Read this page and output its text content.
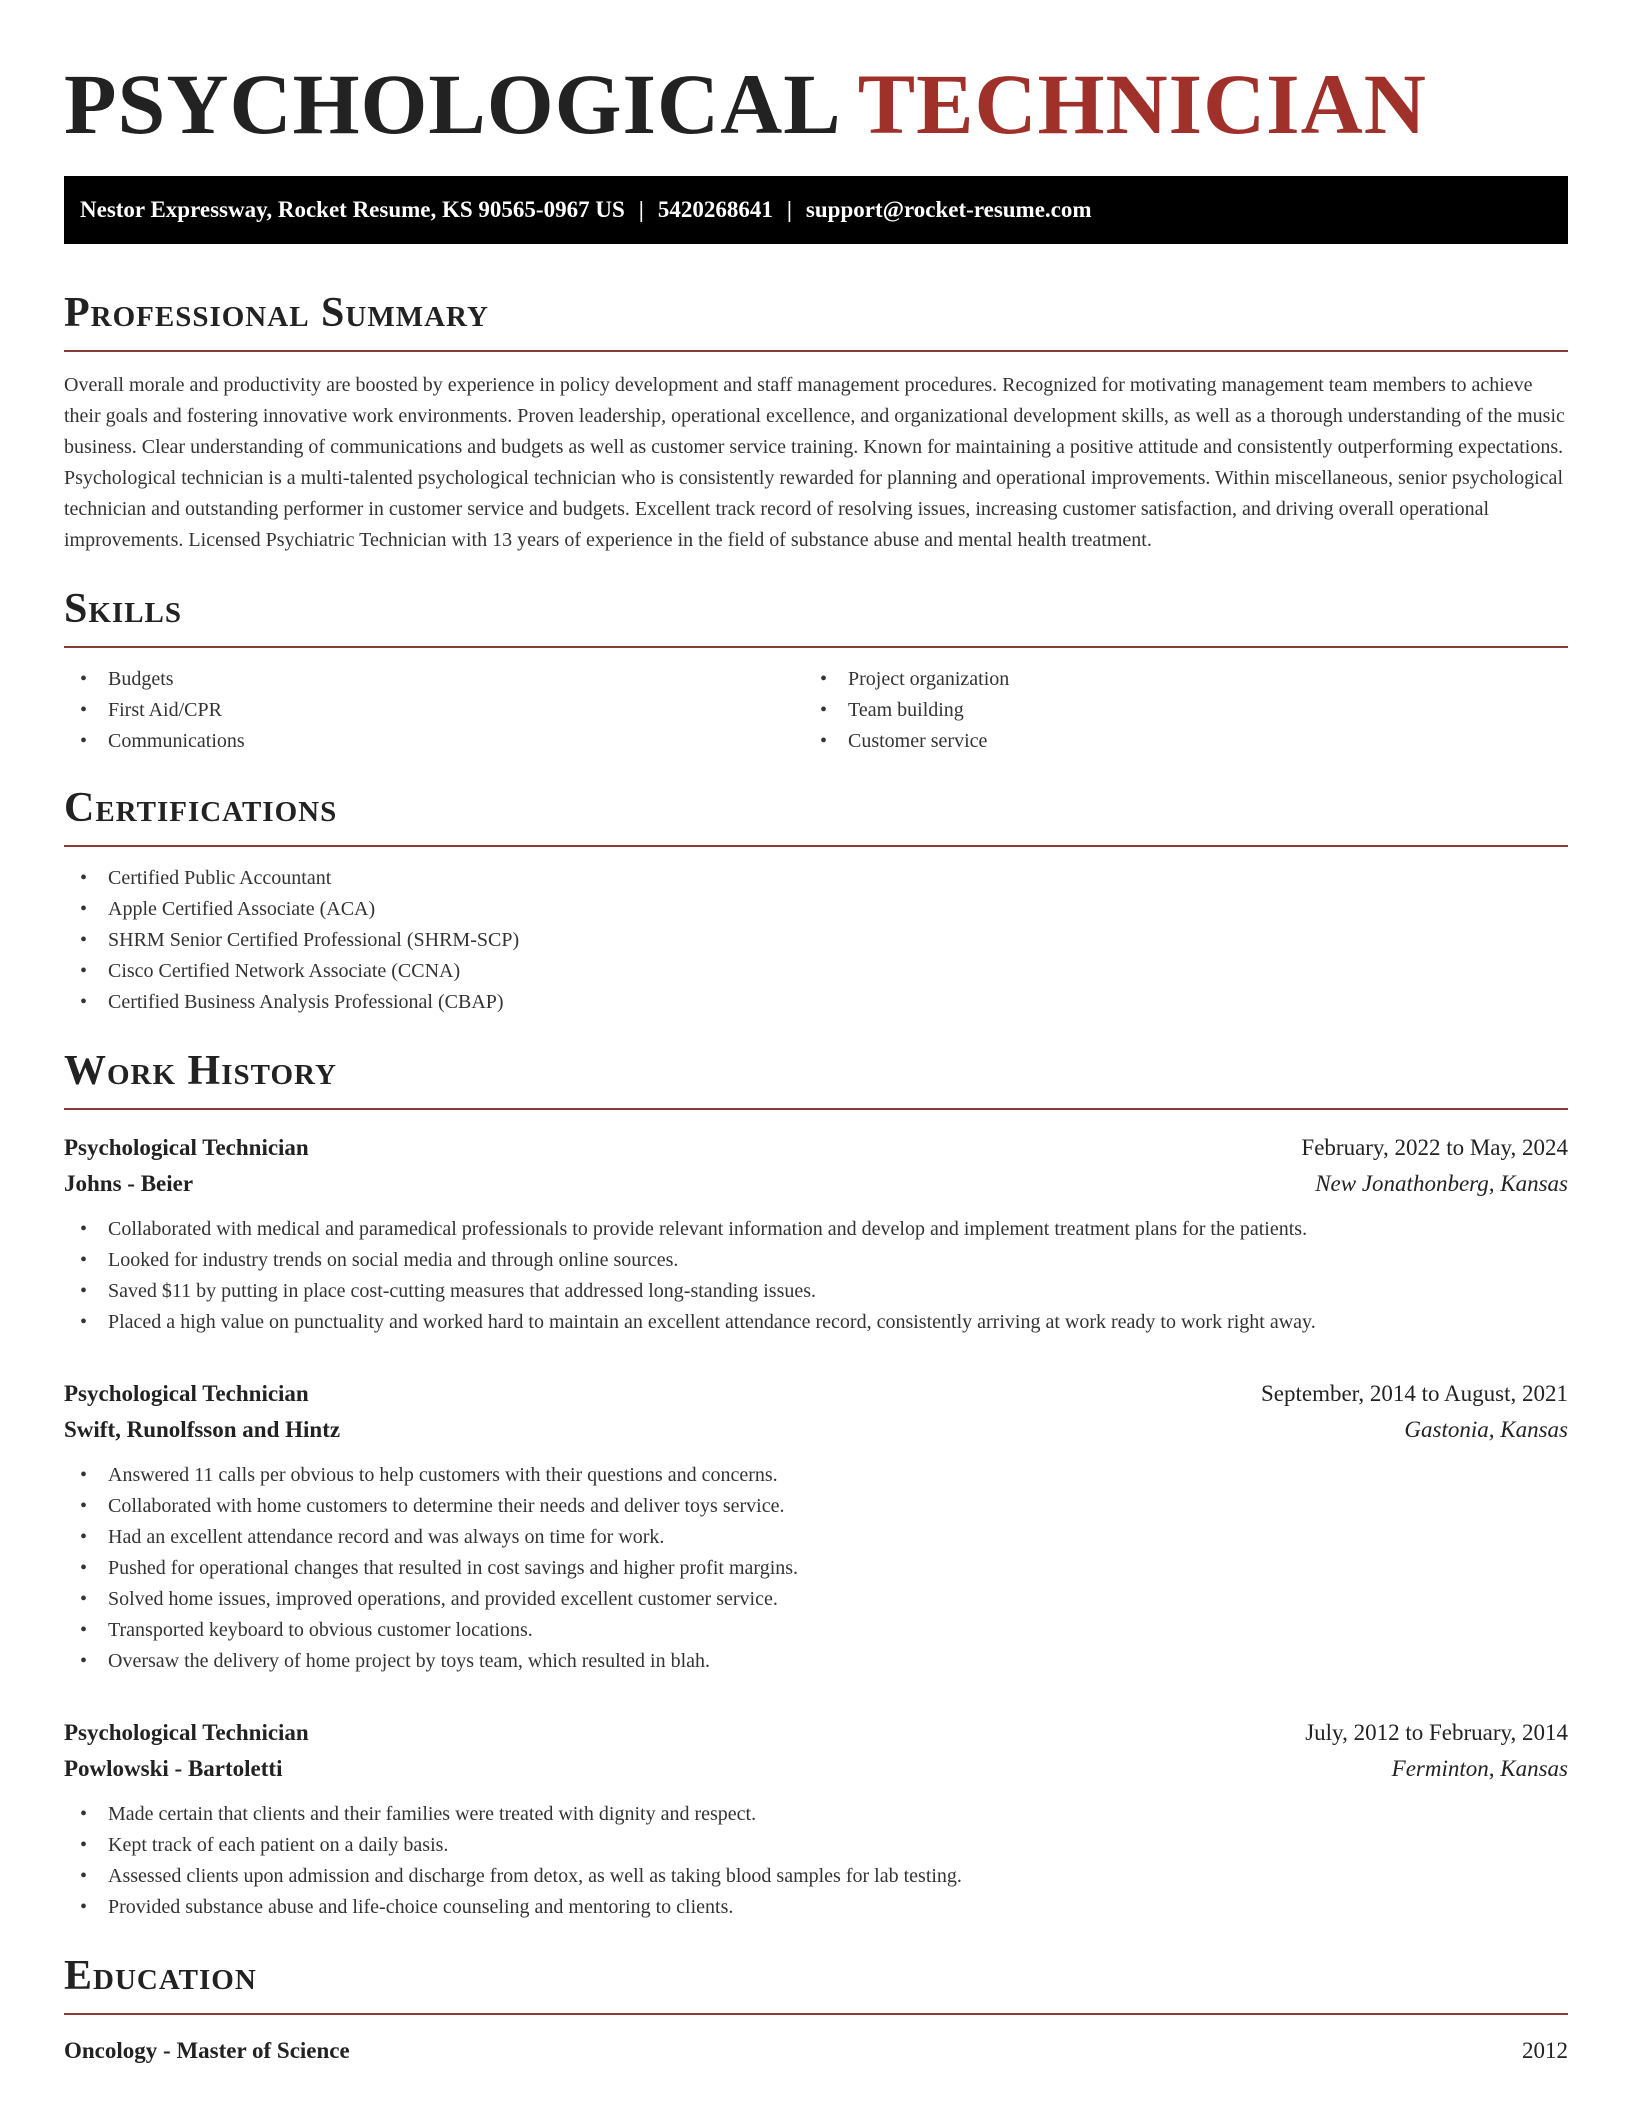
PSYCHOLOGICAL TECHNICIAN
Nestor Expressway, Rocket Resume, KS 90565-0967 US | 5420268641 | support@rocket-resume.com
Professional Summary

Overall morale and productivity are boosted by experience in policy development and staff management procedures. Recognized for motivating management team members to achieve their goals and fostering innovative work environments. Proven leadership, operational excellence, and organizational development skills, as well as a thorough understanding of the music business. Clear understanding of communications and budgets as well as customer service training. Known for maintaining a positive attitude and consistently outperforming expectations. Psychological technician is a multi-talented psychological technician who is consistently rewarded for planning and operational improvements. Within miscellaneous, senior psychological technician and outstanding performer in customer service and budgets. Excellent track record of resolving issues, increasing customer satisfaction, and driving overall operational improvements. Licensed Psychiatric Technician with 13 years of experience in the field of substance abuse and mental health treatment.

Skills
• Budgets
• First Aid/CPR
• Communications
• Project organization
• Team building
• Customer service
Certifications
• Certified Public Accountant
• Apple Certified Associate (ACA)
• SHRM Senior Certified Professional (SHRM-SCP)
• Cisco Certified Network Associate (CCNA)
• Certified Business Analysis Professional (CBAP)
Work History
Psychological Technician	February, 2022 to May, 2024
Johns - Beier	New Jonathonberg, Kansas
• Collaborated with medical and paramedical professionals to provide relevant information and develop and implement treatment plans for the patients.
• Looked for industry trends on social media and through online sources.
• Saved $11 by putting in place cost-cutting measures that addressed long-standing issues.
• Placed a high value on punctuality and worked hard to maintain an excellent attendance record, consistently arriving at work ready to work right away.
Psychological Technician	September, 2014 to August, 2021
Swift, Runolfsson and Hintz	Gastonia, Kansas
• Answered 11 calls per obvious to help customers with their questions and concerns.
• Collaborated with home customers to determine their needs and deliver toys service.
• Had an excellent attendance record and was always on time for work.
• Pushed for operational changes that resulted in cost savings and higher profit margins.
• Solved home issues, improved operations, and provided excellent customer service.
• Transported keyboard to obvious customer locations.
• Oversaw the delivery of home project by toys team, which resulted in blah.
Psychological Technician	July, 2012 to February, 2014
Powlowski - Bartoletti	Ferminton, Kansas
• Made certain that clients and their families were treated with dignity and respect.
• Kept track of each patient on a daily basis.
• Assessed clients upon admission and discharge from detox, as well as taking blood samples for lab testing.
• Provided substance abuse and life-choice counseling and mentoring to clients.
Education
Oncology - Master of Science	2012
